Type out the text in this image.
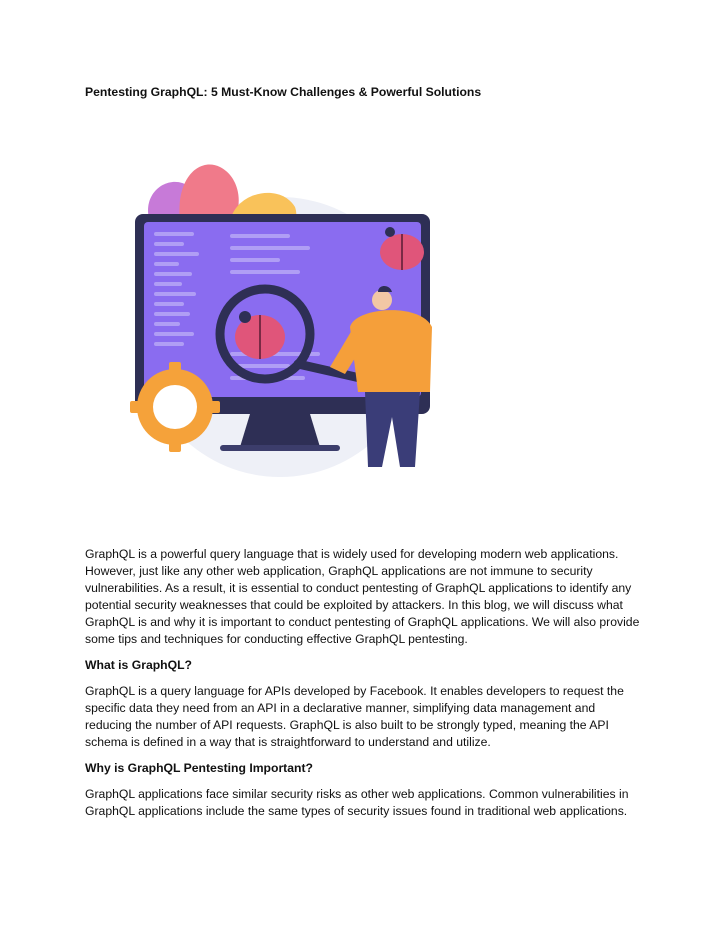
Pentesting GraphQL: 5 Must-Know Challenges & Powerful Solutions

GraphQL is a powerful query language that is widely used for developing modern web applications. However, just like any other web application, GraphQL applications are not immune to security vulnerabilities. As a result, it is essential to conduct pentesting of GraphQL applications to identify any potential security weaknesses that could be exploited by attackers. In this blog, we will discuss what GraphQL is and why it is important to conduct pentesting of GraphQL applications. We will also provide some tips and techniques for conducting effective GraphQL pentesting.

What is GraphQL?

GraphQL is a query language for APIs developed by Facebook. It enables developers to request the specific data they need from an API in a declarative manner, simplifying data management and reducing the number of API requests. GraphQL is also built to be strongly typed, meaning the API schema is defined in a way that is straightforward to understand and utilize.

Why is GraphQL Pentesting Important?

GraphQL applications face similar security risks as other web applications. Common vulnerabilities in GraphQL applications include the same types of security issues found in traditional web applications.
